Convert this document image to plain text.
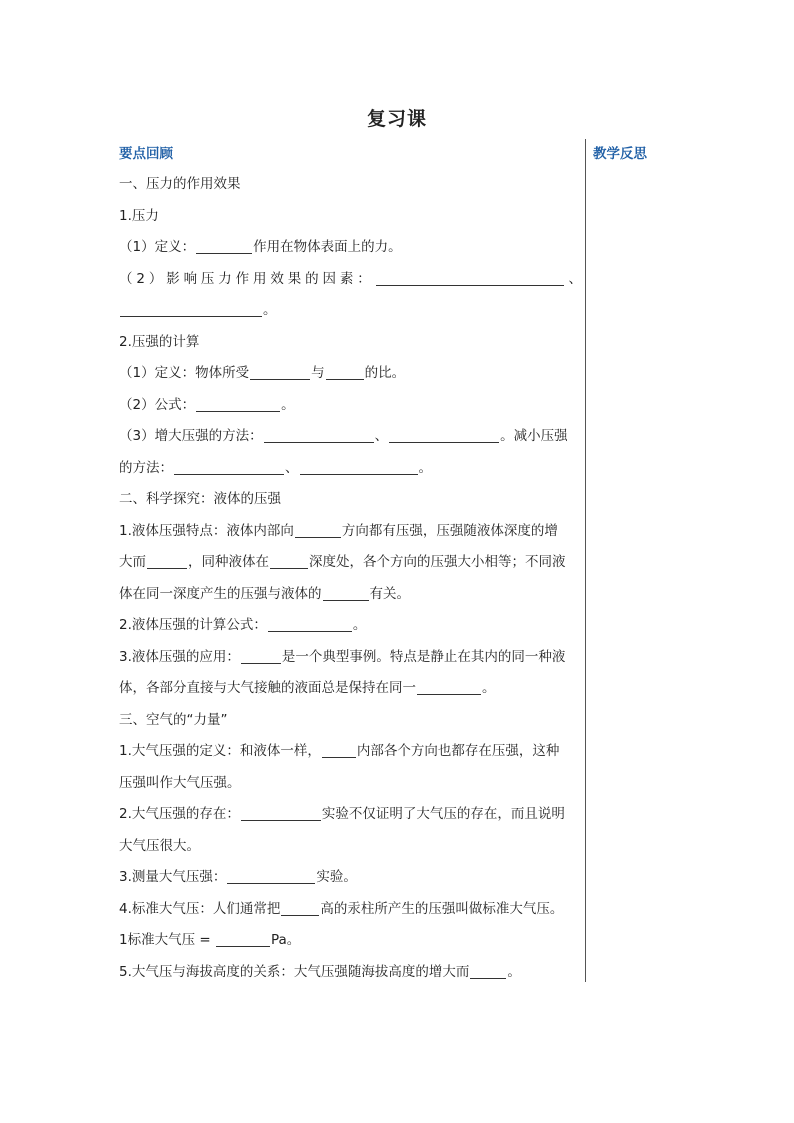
复习课
要点回顾
一、压力的作用效果
1.压力
（1）定义：	作用在物体表面上的力。
（2）影响压力作用效果的因素：	、
。
2.压强的计算
（1）定义：物体所受	与	的比。
（2）公式：	。
（3）增大压强的方法：	、	。减小压强
的方法：	、	。
二、科学探究：液体的压强
1.液体压强特点：液体内部向	方向都有压强，压强随液体深度的增
大而	，同种液体在	深度处，各个方向的压强大小相等；不同液
体在同一深度产生的压强与液体的	有关。
2.液体压强的计算公式：	。
3.液体压强的应用：	是一个典型事例。特点是静止在其内的同一种液
体，各部分直接与大气接触的液面总是保持在同一	。
三、空气的“力量”
1.大气压强的定义：和液体一样，	内部各个方向也都存在压强，这种
压强叫作大气压强。
2.大气压强的存在：	实验不仅证明了大气压的存在，而且说明
大气压很大。
3.测量大气压强：	实验。
4.标准大气压：人们通常把	高的汞柱所产生的压强叫做标准大气压。
1标准大气压 =	Pa。
5.大气压与海拔高度的关系：大气压强随海拔高度的增大而	。
教学反思
